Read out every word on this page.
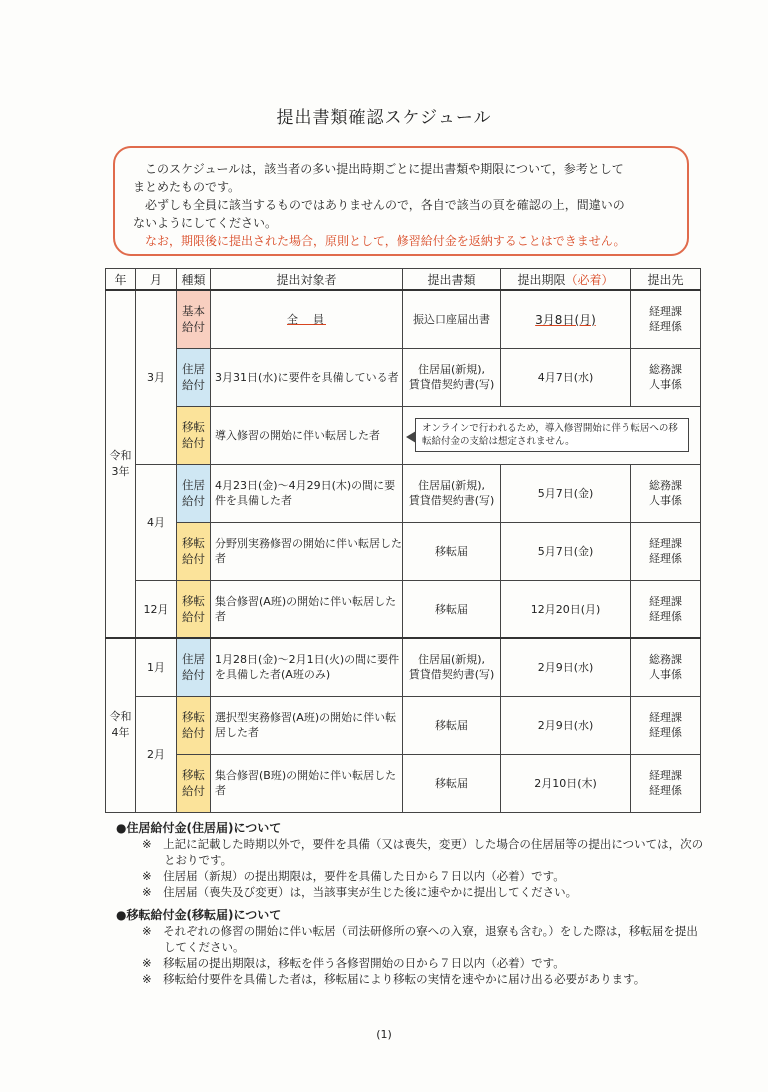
提出書類確認スケジュール

このスケジュールは，該当者の多い提出時期ごとに提出書類や期限について，参考として

まとめたものです。

必ずしも全員に該当するものではありませんので，各自で該当の頁を確認の上，間違いの

ないようにしてください。

なお，期限後に提出された場合，原則として，修習給付金を返納することはできません。

年	月	種類	提出対象者	提出書類	提出期限（必着）	提出先
令和
3年	3月	基本
給付	全　員	振込口座届出書	3月8日(月)	経理課
経理係
		住居
給付	3月31日(水)に要件を具備している者	住居届(新規),
賃貸借契約書(写)	4月7日(水)	総務課
人事係
		移転
給付	導入修習の開始に伴い転居した者	オンラインで行われるため，導入修習開始に伴う転居への移転給付金の支給は想定されません。		
	4月	住居
給付	4月23日(金)～4月29日(木)の間に要件を具備した者	住居届(新規),
賃貸借契約書(写)	5月7日(金)	総務課
人事係
		移転
給付	分野別実務修習の開始に伴い転居した者	移転届	5月7日(金)	経理課
経理係
	12月	移転
給付	集合修習(A班)の開始に伴い転居した者	移転届	12月20日(月)	経理課
経理係
令和
4年	1月	住居
給付	1月28日(金)～2月1日(火)の間に要件を具備した者(A班のみ)	住居届(新規),
賃貸借契約書(写)	2月9日(水)	総務課
人事係
	2月	移転
給付	選択型実務修習(A班)の開始に伴い転居した者	移転届	2月9日(水)	経理課
経理係
		移転
給付	集合修習(B班)の開始に伴い転居した者	移転届	2月10日(木)	経理課
経理係
●住居給付金(住居届)について
※　上記に記載した時期以外で，要件を具備（又は喪失，変更）した場合の住居届等の提出については，次のとおりです。
※　住居届（新規）の提出期限は，要件を具備した日から７日以内（必着）です。
※　住居届（喪失及び変更）は，当該事実が生じた後に速やかに提出してください。
●移転給付金(移転届)について
※　それぞれの修習の開始に伴い転居（司法研修所の寮への入寮，退寮も含む。）をした際は，移転届を提出してください。
※　移転届の提出期限は，移転を伴う各修習開始の日から７日以内（必着）です。
※　移転給付要件を具備した者は，移転届により移転の実情を速やかに届け出る必要があります。
(1)
